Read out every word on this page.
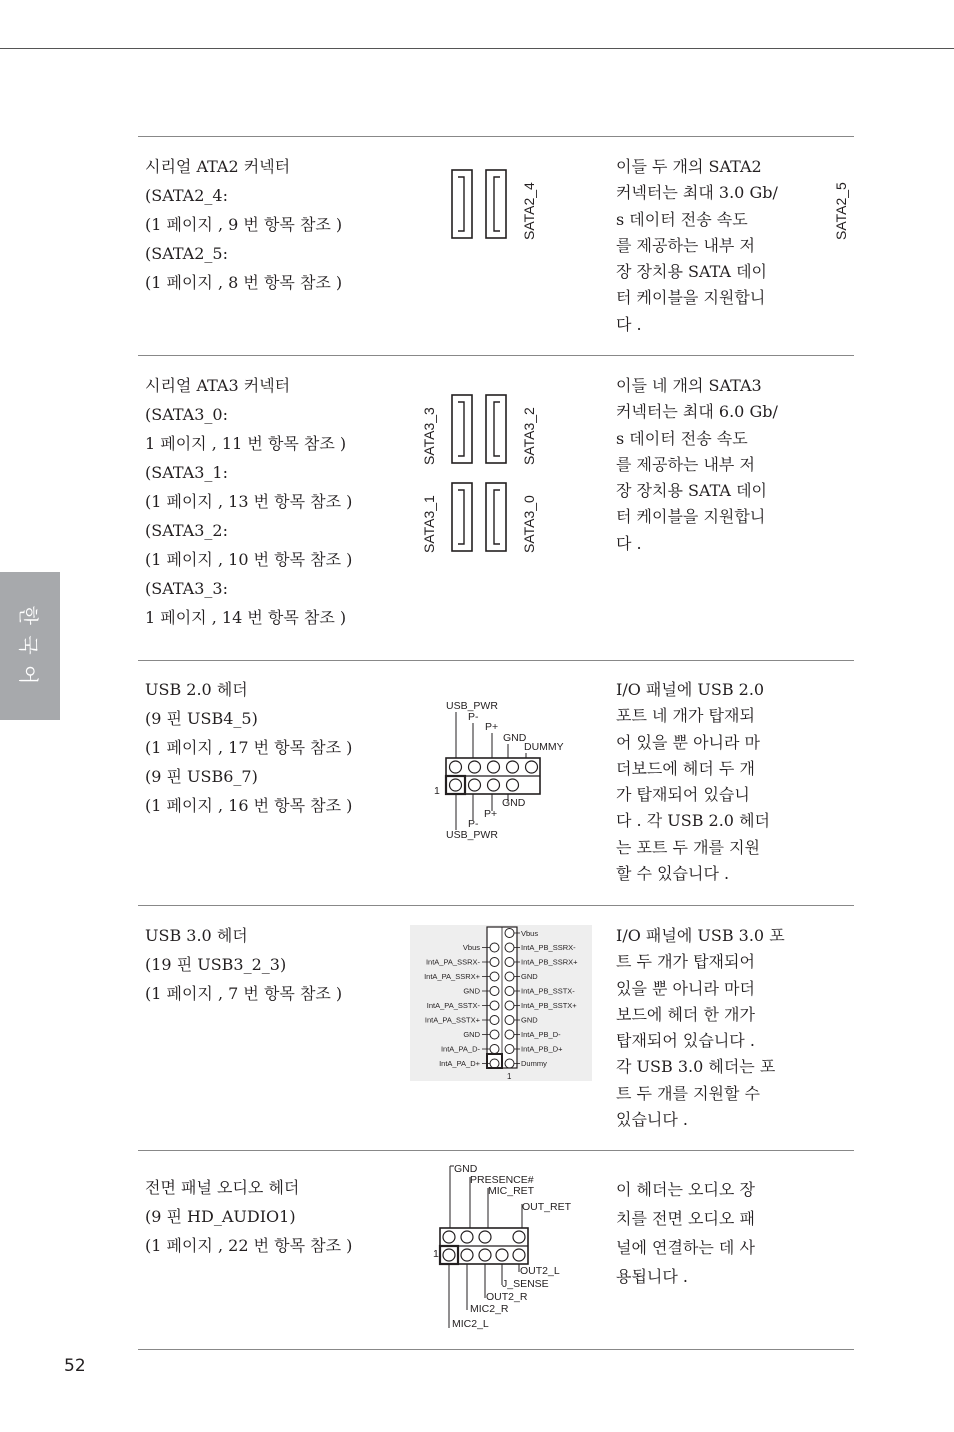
한 국 어
52
시리얼 ATA2 커넥터
(SATA2_4:
(1 페이지 , 9 번 항목 참조 )
(SATA2_5:
(1 페이지 , 8 번 항목 참조 )
SATA2_5
SATA2_4
이들 두 개의 SATA2
커넥터는 최대 3.0 Gb/
s 데이터 전송 속도
를 제공하는 내부 저
장 장치용 SATA 데이
터 케이블을 지원합니
다 .
시리얼 ATA3 커넥터
(SATA3_0:
1 페이지 , 11 번 항목 참조 )
(SATA3_1:
(1 페이지 , 13 번 항목 참조 )
(SATA3_2:
(1 페이지 , 10 번 항목 참조 )
(SATA3_3:
1 페이지 , 14 번 항목 참조 )
SATA3_3	SATA3_2
SATA3_1	SATA3_0
이들 네 개의 SATA3
커넥터는 최대 6.0 Gb/
s 데이터 전송 속도
를 제공하는 내부 저
장 장치용 SATA 데이
터 케이블을 지원합니
다 .
USB 2.0 헤더
(9 핀 USB4_5)
(1 페이지 , 17 번 항목 참조 )
(9 핀 USB6_7)
(1 페이지 , 16 번 항목 참조 )
USB_PWR
P-
P+
GND
DUMMY
1
GND
P+
P-
USB_PWR
I/O 패널에 USB 2.0
포트 네 개가 탑재되
어 있을 뿐 아니라 마
더보드에 헤더 두 개
가 탑재되어 있습니
다 . 각 USB 2.0 헤더
는 포트 두 개를 지원
할 수 있습니다 .
USB 3.0 헤더
(19 핀 USB3_2_3)
(1 페이지 , 7 번 항목 참조 )
Vbus
IntA_PA_SSRX-
IntA_PA_SSRX+
GND
IntA_PA_SSTX-
IntA_PA_SSTX+
GND
IntA_PA_D-
IntA_PA_D+
Vbus
IntA_PB_SSRX-
IntA_PB_SSRX+
GND
IntA_PB_SSTX-
IntA_PB_SSTX+
GND
IntA_PB_D-
IntA_PB_D+
Dummy
1
I/O 패널에 USB 3.0 포
트 두 개가 탑재되어
있을 뿐 아니라 마더
보드에 헤더 한 개가
탑재되어 있습니다 .
각 USB 3.0 헤더는 포
트 두 개를 지원할 수
있습니다 .
전면 패널 오디오 헤더
(9 핀 HD_AUDIO1)
(1 페이지 , 22 번 항목 참조 )
GND
PRESENCE#
MIC_RET
OUT_RET
1
OUT2_L
J_SENSE
OUT2_R
MIC2_R
MIC2_L
이 헤더는 오디오 장
치를 전면 오디오 패
널에 연결하는 데 사
용됩니다 .
